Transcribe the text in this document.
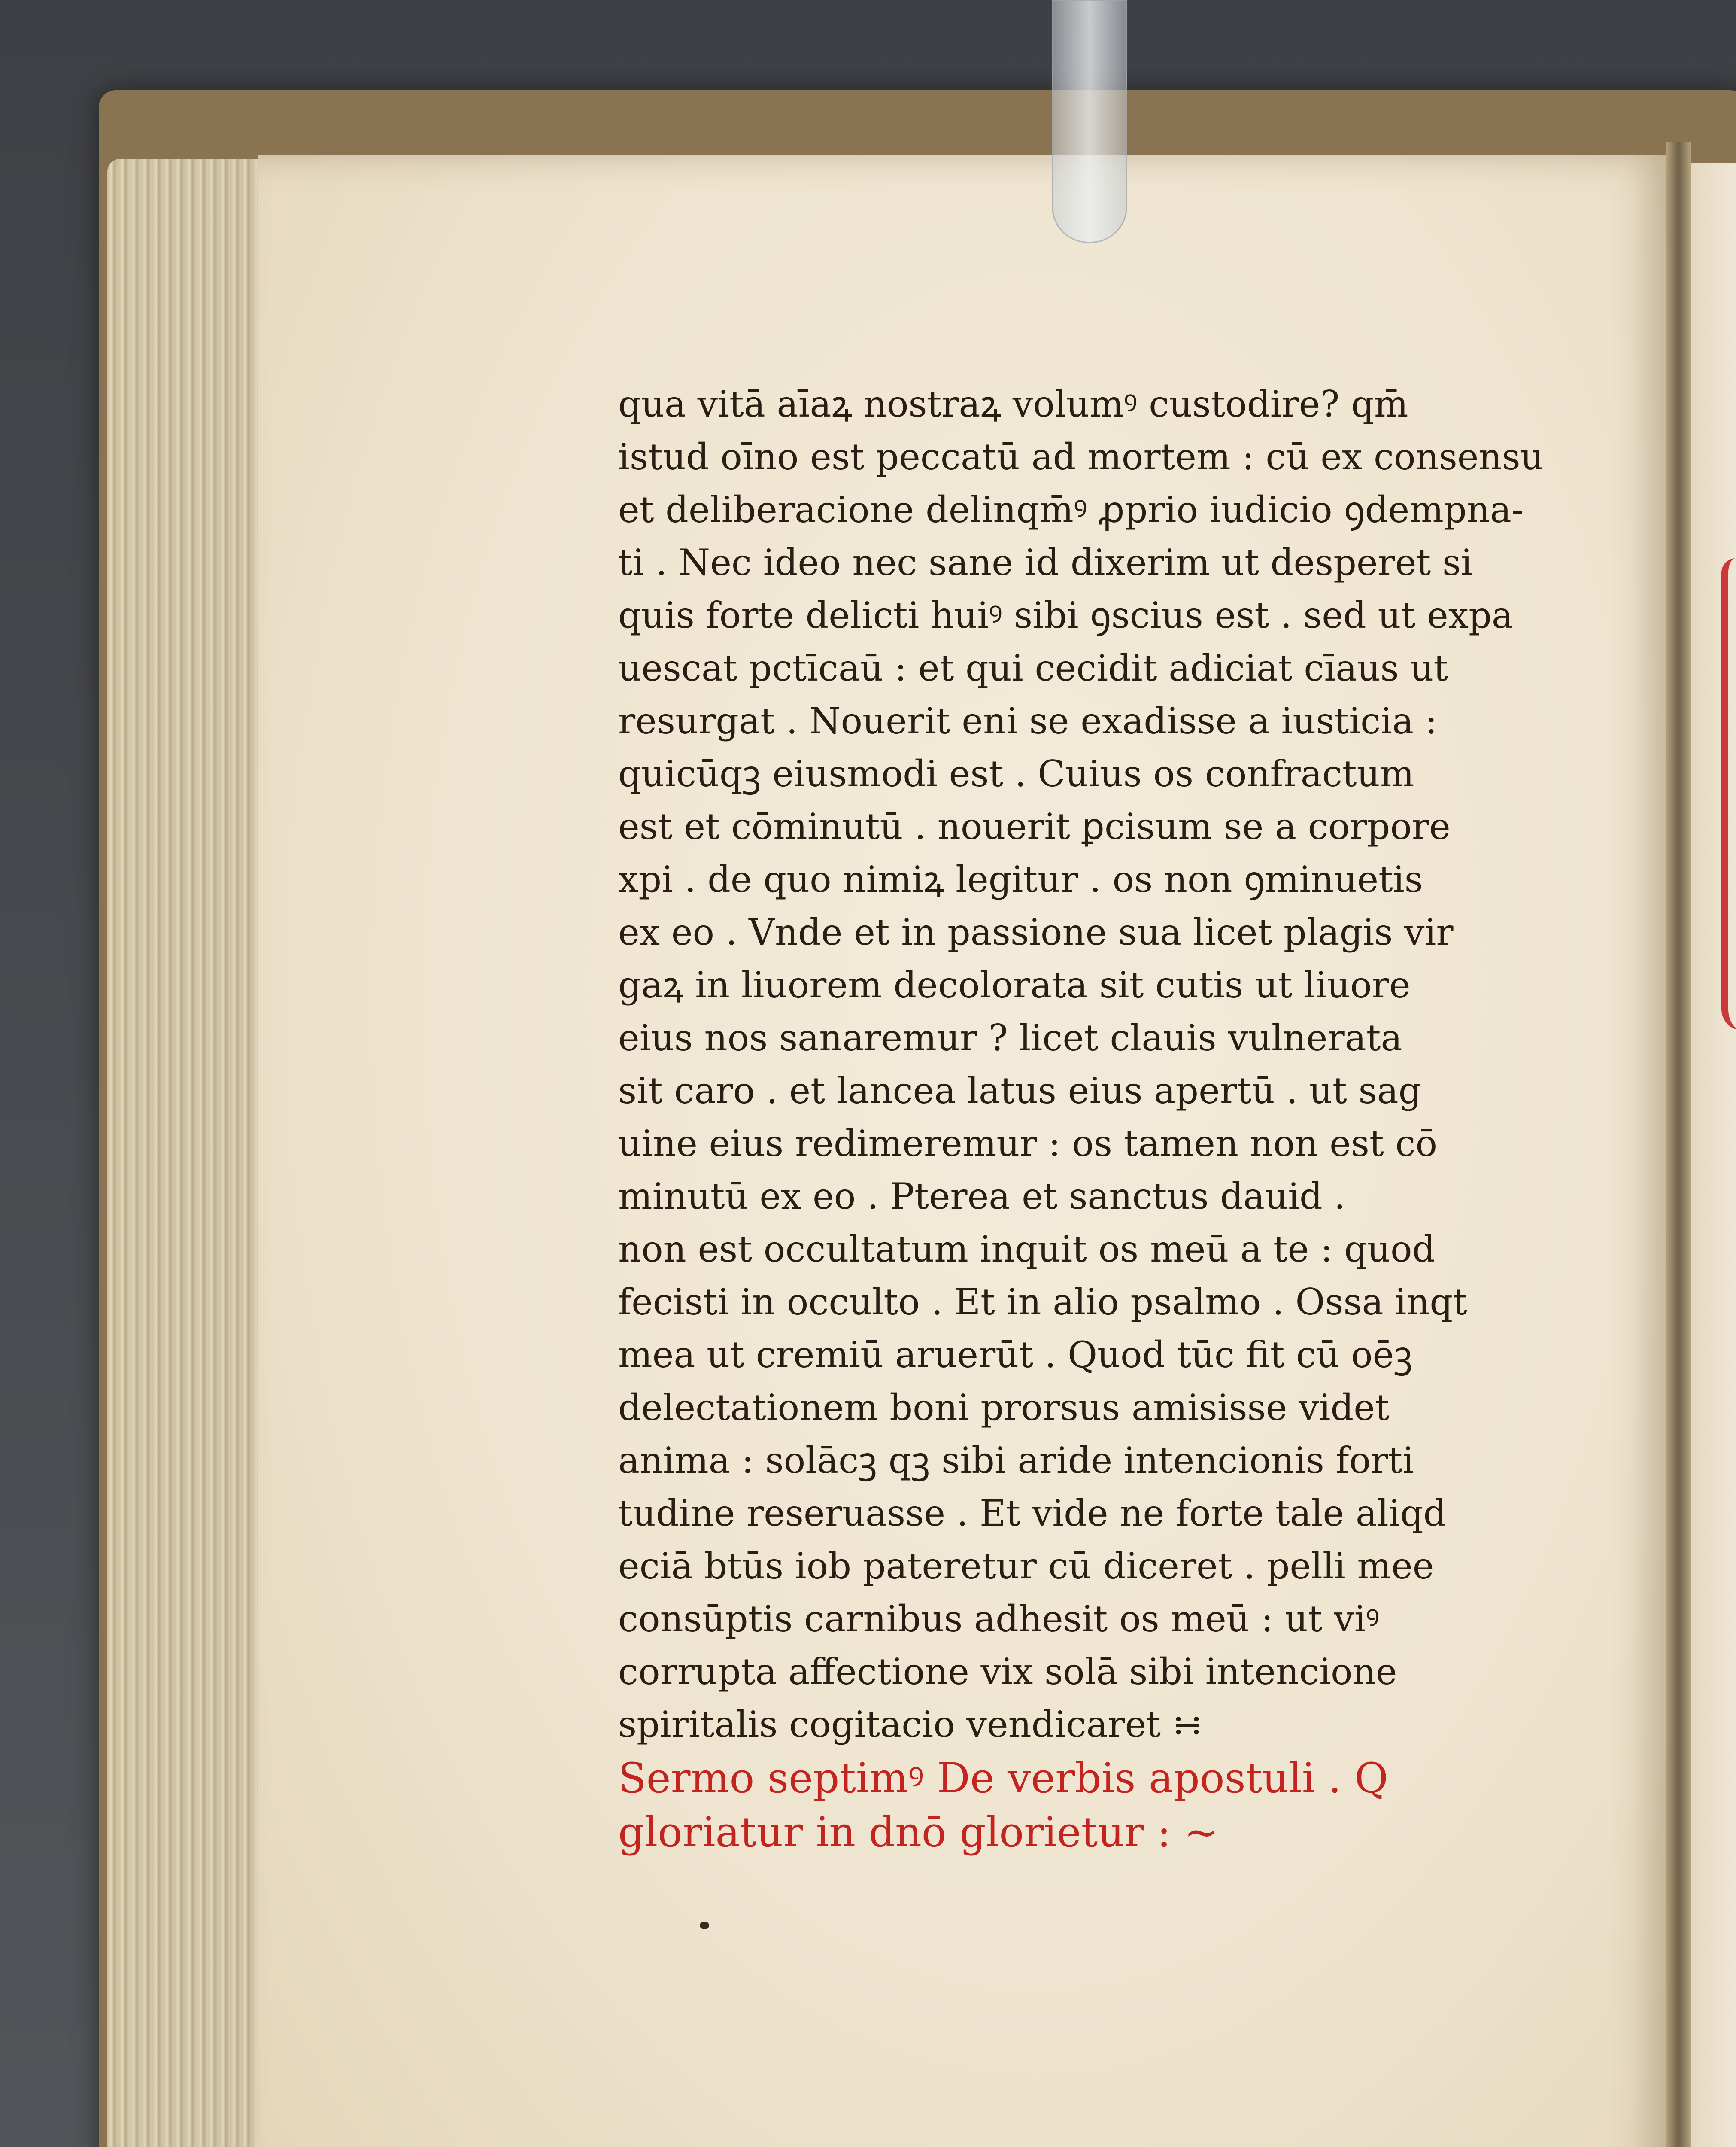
qua vitā aīaꝝ nostraꝝ volumꝰ custodire? qm̄
istud oīno est peccatū ad mortem : cū ex consensu
et deliberacione delinqm̄ꝰ ꝓprio iudicio ꝯdempna-
ti . Nec ideo nec sane id dixerim ut desperet si
quis forte delicti huiꝰ sibi ꝯscius est . sed ut expa
uescat pctīcaū : et qui cecidit adiciat cīaus ut
resurgat . Nouerit eni se exadisse a iusticia :
quicūqꝫ eiusmodi est . Cuius os confractum
est et cōminutū . nouerit ꝑcisum se a corpore
xpi . de quo nimiꝝ legitur . os non ꝯminuetis
ex eo . Vnde et in passione sua licet plagis vir
gaꝝ in liuorem decolorata sit cutis ut liuore
eius nos sanaremur ? licet clauis vulnerata
sit caro . et lancea latus eius apertū . ut sag
uine eius redimeremur : os tamen non est cō
minutū ex eo . Pterea et sanctus dauid .
non est occultatum inquit os meū a te : quod
fecisti in occulto . Et in alio psalmo . Ossa inqt
mea ut cremiū aruerūt . Quod tūc fit cū oēꝫ
delectationem boni prorsus amisisse videt
anima : solācꝫ qꝫ sibi aride intencionis forti
tudine reseruasse . Et vide ne forte tale aliqd
eciā btūs iob pateretur cū diceret . pelli mee
consūptis carnibus adhesit os meū : ut viꝰ
corrupta affectione vix solā sibi intencione
spiritalis cogitacio vendicaret ∺
Sermo septimꝰ De verbis apostuli . Q
gloriatur in dnō glorietur : ~
